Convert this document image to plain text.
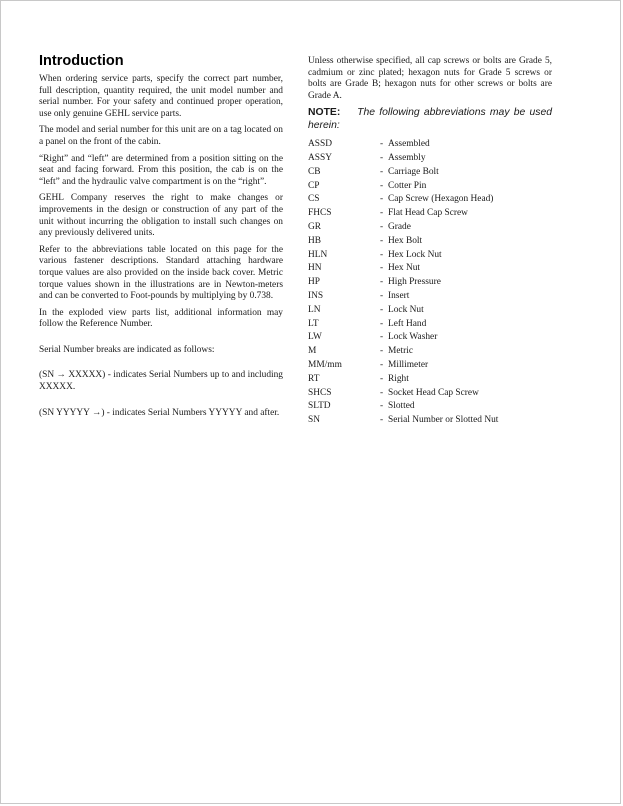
Introduction

When ordering service parts, specify the correct part number, full description, quantity required, the unit model number and serial number. For your safety and continued proper operation, use only genuine GEHL service parts.

The model and serial number for this unit are on a tag located on a panel on the front of the cabin.

“Right” and “left” are determined from a position sitting on the seat and facing forward. From this position, the cab is on the “left” and the hydraulic valve compartment is on the “right”.

GEHL Company reserves the right to make changes or improvements in the design or construction of any part of the unit without incurring the obligation to install such changes on any previously delivered units.

Refer to the abbreviations table located on this page for the various fastener descriptions. Standard attaching hardware torque values are also provided on the inside back cover. Metric torque values shown in the illustrations are in Newton-meters and can be converted to Foot-pounds by multiplying by 0.738.

In the exploded view parts list, additional information may follow the Reference Number.

Serial Number breaks are indicated as follows:

(SN → XXXXX) - indicates Serial Numbers up to and including XXXXX.

(SN YYYYY →) - indicates Serial Numbers YYYYY and after.

Unless otherwise specified, all cap screws or bolts are Grade 5, cadmium or zinc plated; hexagon nuts for Grade 5 screws or bolts are Grade B; hexagon nuts for other screws or bolts are Grade A.

NOTE: The following abbreviations may be used herein:
ASSD	-	Assembled
ASSY	-	Assembly
CB	-	Carriage Bolt
CP	-	Cotter Pin
CS	-	Cap Screw (Hexagon Head)
FHCS	-	Flat Head Cap Screw
GR	-	Grade
HB	-	Hex Bolt
HLN	-	Hex Lock Nut
HN	-	Hex Nut
HP	-	High Pressure
INS	-	Insert
LN	-	Lock Nut
LT	-	Left Hand
LW	-	Lock Washer
M	-	Metric
MM/mm	-	Millimeter
RT	-	Right
SHCS	-	Socket Head Cap Screw
SLTD	-	Slotted
SN	-	Serial Number or Slotted Nut
